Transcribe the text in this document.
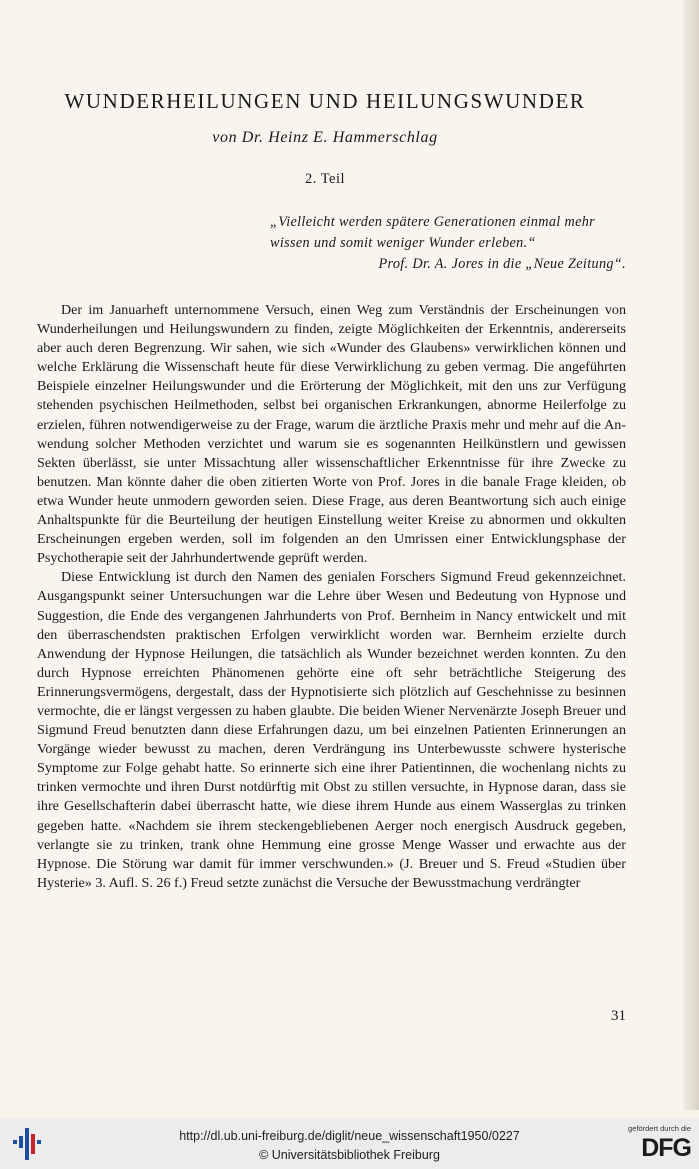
WUNDERHEILUNGEN UND HEILUNGSWUNDER
von Dr. Heinz E. Hammerschlag
2. Teil
„Vielleicht werden spätere Generationen einmal mehr
wissen und somit weniger Wunder erleben.“
Prof. Dr. A. Jores in die „Neue Zeitung“.

Der im Januarheft unternommene Versuch, einen Weg zum Verständnis der Erscheinungen von Wunderheilungen und Heilungswundern zu finden, zeigte Möglichkeiten der Erkenntnis, andererseits aber auch deren Begrenzung. Wir sahen, wie sich «Wunder des Glaubens» verwirklichen können und welche Erklärung die Wissenschaft heute für diese Verwirklichung zu geben vermag. Die angeführten Beispiele einzelner Heilungswunder und die Erörterung der Möglichkeit, mit den uns zur Verfügung stehenden psychischen Heilmethoden, selbst bei organischen Erkrankungen, abnorme Heilerfolge zu erzielen, führen notwendigerweise zu der Frage, warum die ärztliche Praxis mehr und mehr auf die Anwendung solcher Methoden verzichtet und warum sie es sogenannten Heilkünstlern und gewissen Sekten überlässt, sie unter Missachtung aller wissenschaftlicher Erkenntnisse für ihre Zwecke zu benutzen. Man könnte daher die oben zitierten Worte von Prof. Jores in die banale Frage kleiden, ob etwa Wunder heute unmodern geworden seien. Diese Frage, aus deren Beantwortung sich auch einige Anhaltspunkte für die Beurteilung der heutigen Einstellung weiter Kreise zu abnormen und okkulten Erscheinungen ergeben werden, soll im folgenden an den Umrissen einer Entwicklungsphase der Psychotherapie seit der Jahrhundertwende geprüft werden.

Diese Entwicklung ist durch den Namen des genialen Forschers Sigmund Freud gekennzeichnet. Ausgangspunkt seiner Untersuchungen war die Lehre über Wesen und Bedeutung von Hypnose und Suggestion, die Ende des vergangenen Jahrhunderts von Prof. Bernheim in Nancy entwickelt und mit den überraschendsten praktischen Erfolgen verwirklicht worden war. Bernheim erzielte durch Anwendung der Hypnose Heilungen, die tatsächlich als Wunder bezeichnet werden konnten. Zu den durch Hypnose erreichten Phänomenen gehörte eine oft sehr beträchtliche Steigerung des Erinnerungsvermögens, dergestalt, dass der Hypnotisierte sich plötzlich auf Geschehnisse zu besinnen vermochte, die er längst vergessen zu haben glaubte. Die beiden Wiener Nervenärzte Joseph Breuer und Sigmund Freud benutzten dann diese Erfahrungen dazu, um bei einzelnen Patienten Erinnerungen an Vorgänge wieder bewusst zu machen, deren Verdrängung ins Unterbewusste schwere hysterische Symptome zur Folge gehabt hatte. So erinnerte sich eine ihrer Patientinnen, die wochenlang nichts zu trinken vermochte und ihren Durst notdürftig mit Obst zu stillen versuchte, in Hypnose daran, dass sie ihre Gesellschafterin dabei überrascht hatte, wie diese ihrem Hunde aus einem Wasserglas zu trinken gegeben hatte. «Nachdem sie ihrem steckengebliebenen Aerger noch energisch Ausdruck gegeben, verlangte sie zu trinken, trank ohne Hemmung eine grosse Menge Wasser und erwachte aus der Hypnose. Die Störung war damit für immer verschwunden.» (J. Breuer und S. Freud «Studien über Hysterie» 3. Aufl. S. 26 f.) Freud setzte zunächst die Versuche der Bewusstmachung verdrängter

31
http://dl.ub.uni-freiburg.de/diglit/neue_wissenschaft1950/0227
© Universitätsbibliothek Freiburg
gefördert durch die
DFG
